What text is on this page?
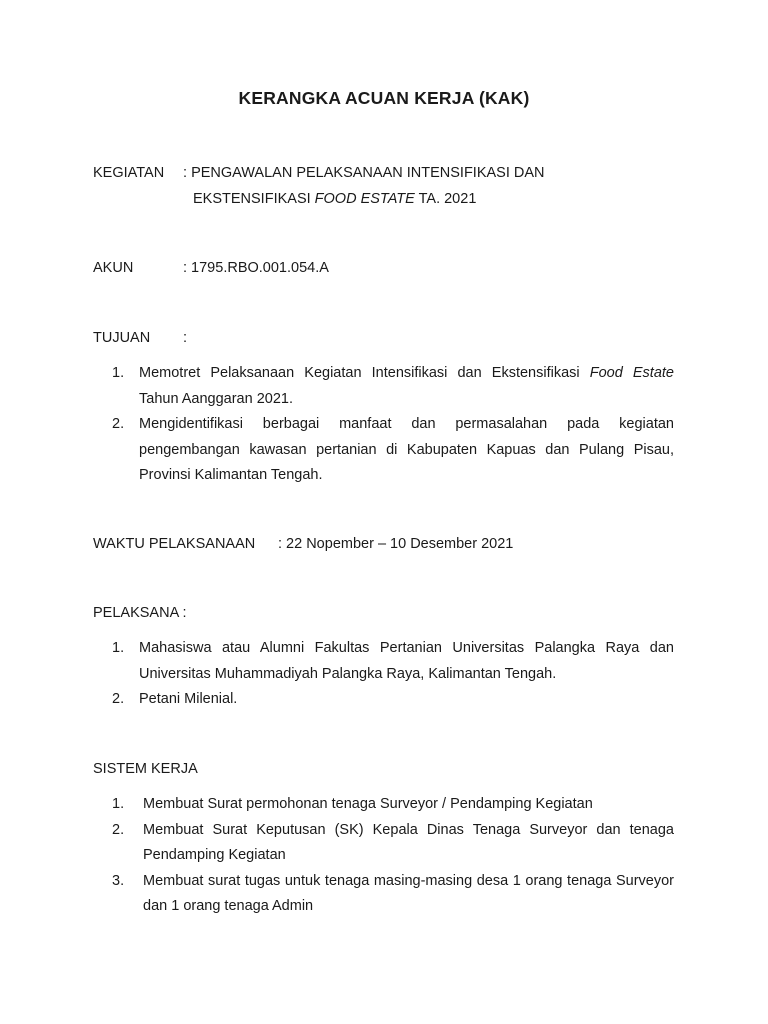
KERANGKA ACUAN KERJA (KAK)
KEGIATAN : PENGAWALAN PELAKSANAAN INTENSIFIKASI DAN
EKSTENSIFIKASI FOOD ESTATE TA. 2021
AKUN	: 1795.RBO.001.054.A
TUJUAN :
1. Memotret Pelaksanaan Kegiatan Intensifikasi dan Ekstensifikasi Food Estate Tahun Aanggaran 2021.
2. Mengidentifikasi berbagai manfaat dan permasalahan pada kegiatan pengembangan kawasan pertanian di Kabupaten Kapuas dan Pulang Pisau, Provinsi Kalimantan Tengah.
WAKTU PELAKSANAAN : 22 Nopember – 10 Desember 2021
PELAKSANA :
1. Mahasiswa atau Alumni Fakultas Pertanian Universitas Palangka Raya dan Universitas Muhammadiyah Palangka Raya, Kalimantan Tengah.
2. Petani Milenial.
SISTEM KERJA
1. Membuat Surat permohonan tenaga Surveyor / Pendamping Kegiatan
2. Membuat Surat Keputusan (SK) Kepala Dinas Tenaga Surveyor dan tenaga Pendamping Kegiatan
3. Membuat surat tugas untuk tenaga masing-masing desa 1 orang tenaga Surveyor dan 1 orang tenaga Admin
